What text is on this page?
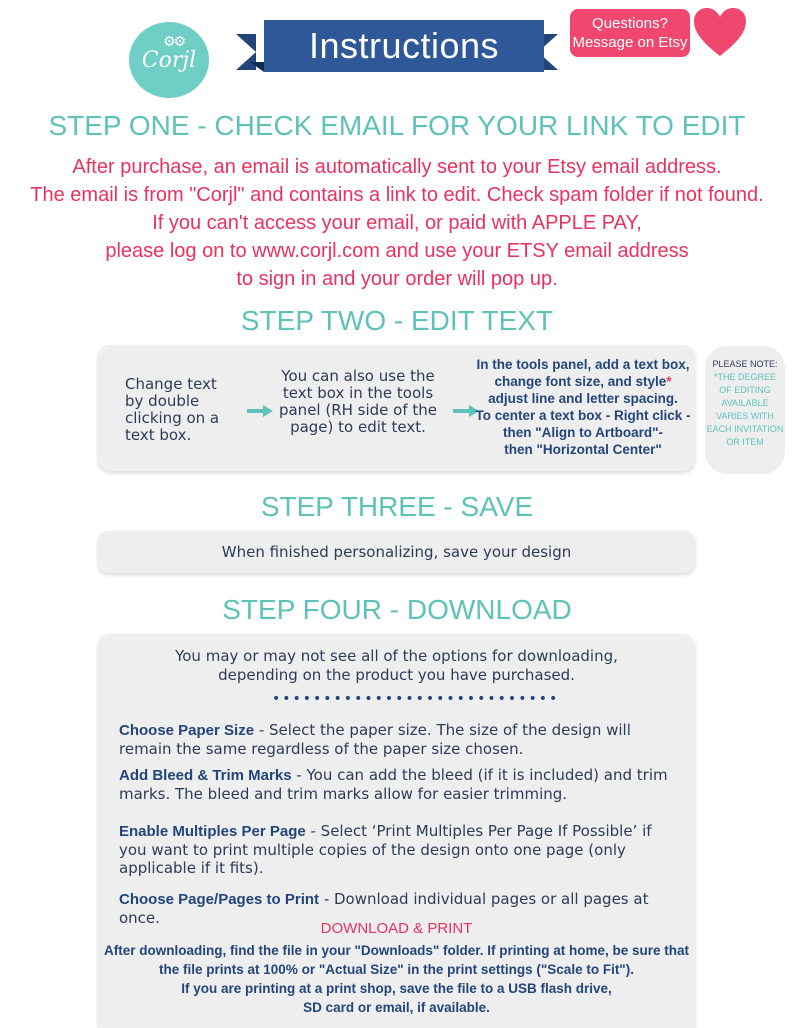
⚙⚙
Corjl	Instructions
Questions?
Message on Etsy
STEP ONE - CHECK EMAIL FOR YOUR LINK TO EDIT
After purchase, an email is automatically sent to your Etsy email address.
The email is from "Corjl" and contains a link to edit. Check spam folder if not found.
If you can't access your email, or paid with APPLE PAY,
please log on to www.corjl.com and use your ETSY email address
to sign in and your order will pop up.
STEP TWO - EDIT TEXT
Change text by double clicking on a text box.
You can also use the text box in the tools panel (RH side of the page) to edit text.
In the tools panel, add a text box,
change font size, and style*
adjust line and letter spacing.
To center a text box - Right click -
then "Align to Artboard"-
then "Horizontal Center"
PLEASE NOTE:
*THE DEGREE
OF EDITING
AVAILABLE
VARIES WITH
EACH INVITATION
OR ITEM
STEP THREE - SAVE
When finished personalizing, save your design
STEP FOUR - DOWNLOAD
You may or may not see all of the options for downloading,
depending on the product you have purchased.
••••••••••••••••••••••••••••
Choose Paper Size - Select the paper size. The size of the design will remain the same regardless of the paper size chosen.
Add Bleed & Trim Marks - You can add the bleed (if it is included) and trim marks. The bleed and trim marks allow for easier trimming.
Enable Multiples Per Page - Select ‘Print Multiples Per Page If Possible’ if you want to print multiple copies of the design onto one page (only applicable if it fits).
Choose Page/Pages to Print - Download individual pages or all pages at once.
DOWNLOAD & PRINT
After downloading, find the file in your "Downloads" folder. If printing at home, be sure that
the file prints at 100% or "Actual Size" in the print settings ("Scale to Fit").
If you are printing at a print shop, save the file to a USB flash drive,
SD card or email, if available.
